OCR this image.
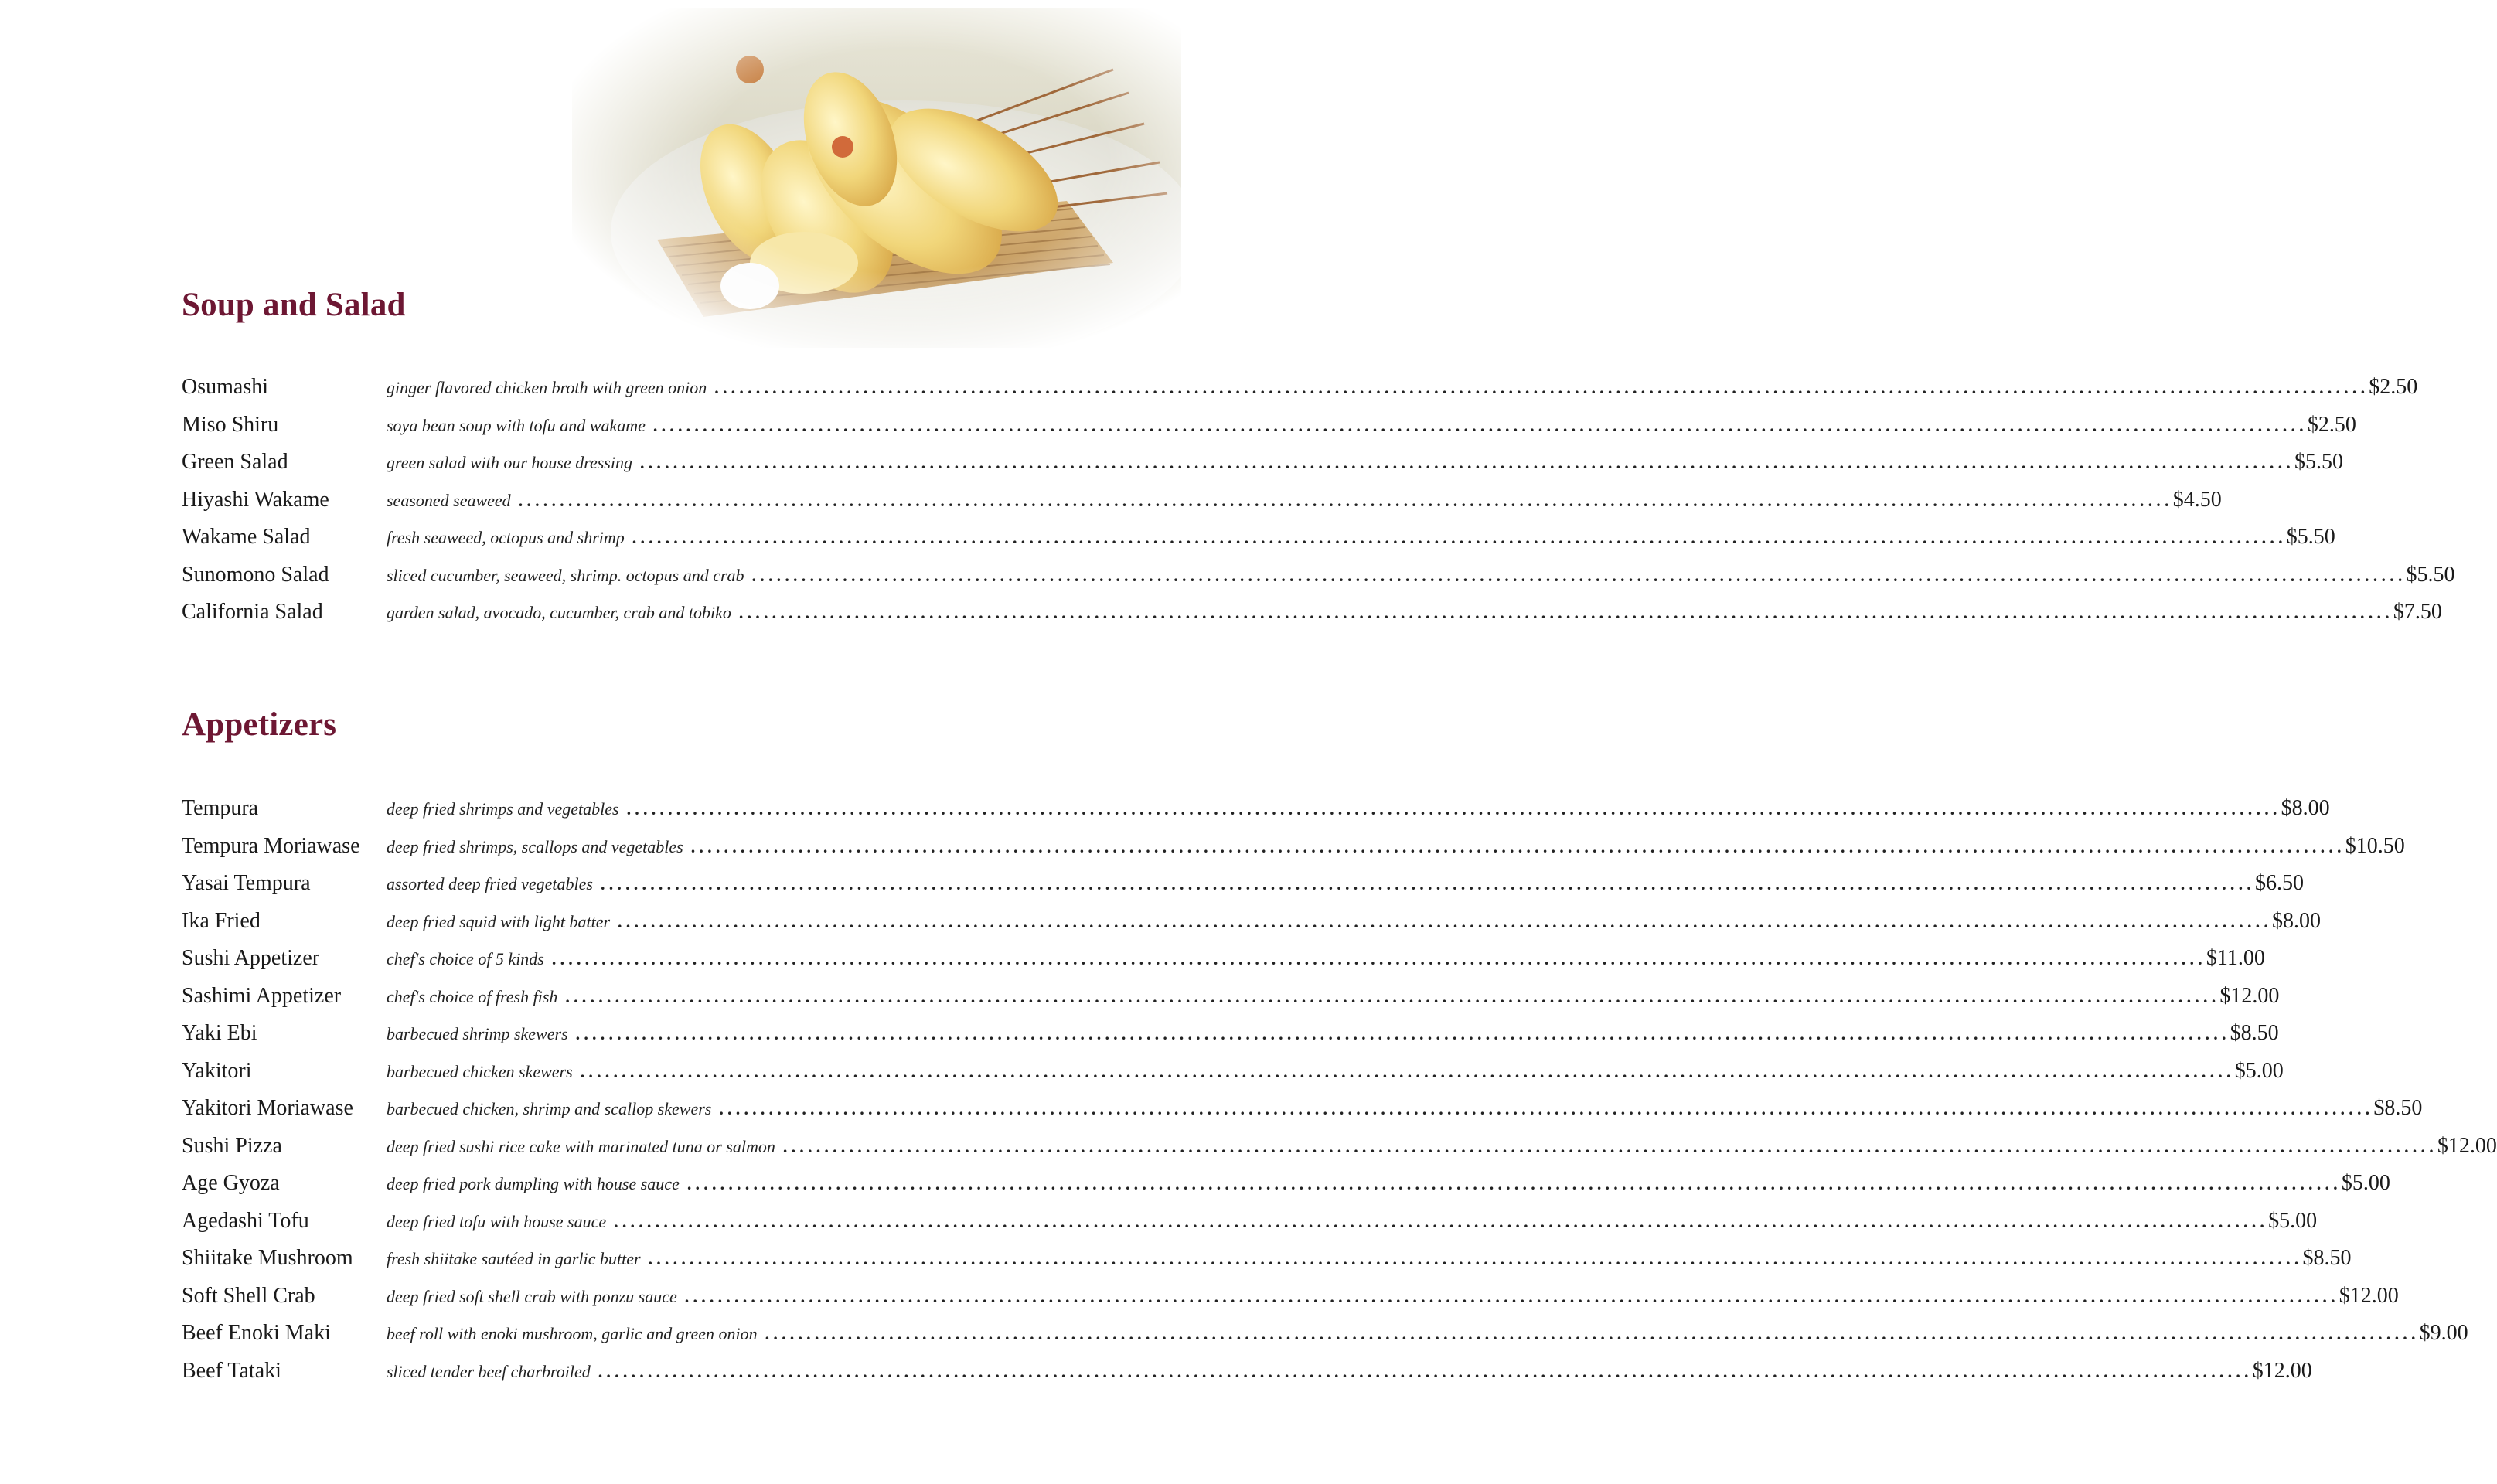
Soup and Salad
Osumashi	ginger flavored chicken broth with green onion ........................................................................................................................................................................................................ $2.50
Miso Shiru	soya bean soup with tofu and wakame ........................................................................................................................................................................................................ $2.50
Green Salad	green salad with our house dressing ........................................................................................................................................................................................................ $5.50
Hiyashi Wakame	seasoned seaweed ........................................................................................................................................................................................................ $4.50
Wakame Salad	fresh seaweed, octopus and shrimp ........................................................................................................................................................................................................ $5.50
Sunomono Salad	sliced cucumber, seaweed, shrimp. octopus and crab ........................................................................................................................................................................................................ $5.50
California Salad	garden salad, avocado, cucumber, crab and tobiko ........................................................................................................................................................................................................ $7.50
Appetizers
Tempura	deep fried shrimps and vegetables ........................................................................................................................................................................................................ $8.00
Tempura Moriawase deep fried shrimps, scallops and vegetables ........................................................................................................................................................................................................ $10.50
Yasai Tempura	assorted deep fried vegetables ........................................................................................................................................................................................................ $6.50
Ika Fried	deep fried squid with light batter ........................................................................................................................................................................................................ $8.00
Sushi Appetizer	chef's choice of 5 kinds ........................................................................................................................................................................................................ $11.00
Sashimi Appetizer	chef's choice of fresh fish ........................................................................................................................................................................................................ $12.00
Yaki Ebi	barbecued shrimp skewers ........................................................................................................................................................................................................ $8.50
Yakitori	barbecued chicken skewers ........................................................................................................................................................................................................ $5.00
Yakitori Moriawase barbecued chicken, shrimp and scallop skewers ........................................................................................................................................................................................................ $8.50
Sushi Pizza	deep fried sushi rice cake with marinated tuna or salmon ........................................................................................................................................................................................................ $12.00
Age Gyoza	deep fried pork dumpling with house sauce ........................................................................................................................................................................................................ $5.00
Agedashi Tofu	deep fried tofu with house sauce ........................................................................................................................................................................................................ $5.00
Shiitake Mushroom fresh shiitake sautéed in garlic butter ........................................................................................................................................................................................................ $8.50
Soft Shell Crab	deep fried soft shell crab with ponzu sauce ........................................................................................................................................................................................................ $12.00
Beef Enoki Maki	beef roll with enoki mushroom, garlic and green onion ........................................................................................................................................................................................................ $9.00
Beef Tataki	sliced tender beef charbroiled ........................................................................................................................................................................................................ $12.00
